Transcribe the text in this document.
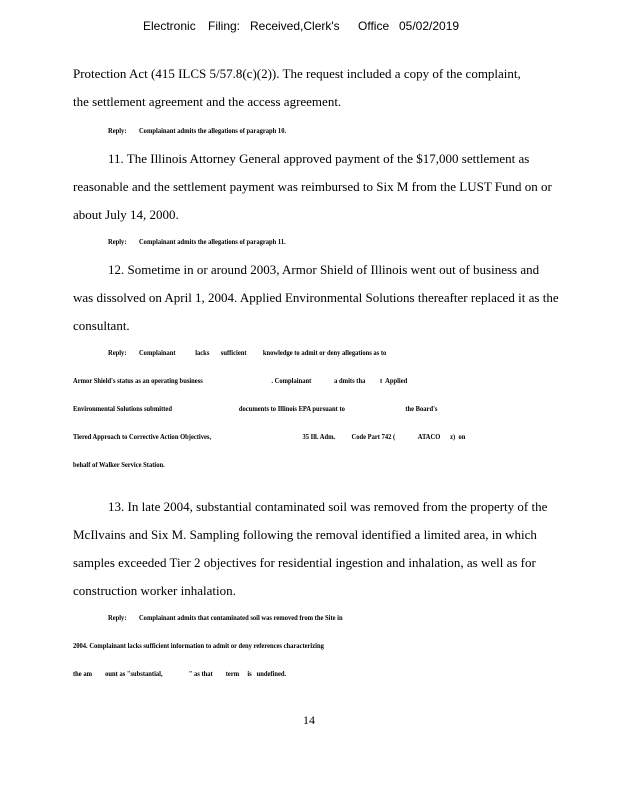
Electronic

Filing:

Received,Clerk's

Office

05/02/2019

Protection Act (415 ILCS 5/57.8(c)(2)). The request included a copy of the complaint,
the settlement agreement and the access agreement.
Reply: Complainant admits the allegations of paragraph 10.
11. The Illinois Attorney General approved payment of the $17,000 settlement as
reasonable and the settlement payment was reimbursed to Six M from the LUST Fund on or
about July 14, 2000.
Reply: Complainant admits the allegations of paragraph 11.
12. Sometime in or around 2003, Armor Shield of Illinois went out of business and
was dissolved on April 1, 2004. Applied Environmental Solutions thereafter replaced it as the
consultant.
Reply: Complainant            lacks       sufficient          knowledge to admit or deny allegations as to
Armor Shield's status as an operating business                                          . Complainant              a dmits tha         t  Applied
Environmental Solutions submitted                                         documents to Illinois EPA pursuant to                                     the Board's
Tiered Approach to Corrective Action Objectives,                                                        35 Ill. Adm.          Code Part 742 (              ATACO      z)  on
behalf of Walker Service Station.
13. In late 2004, substantial contaminated soil was removed from the property of the
McIlvains and Six M. Sampling following the removal identified a limited area, in which
samples exceeded Tier 2 objectives for residential ingestion and inhalation, as well as for
construction worker inhalation.
Reply: Complainant admits that contaminated soil was removed from the Site in
2004. Complainant lacks sufficient information to admit or deny references characterizing
the am        ount as "substantial,                " as that        term     is   undefined.
14
